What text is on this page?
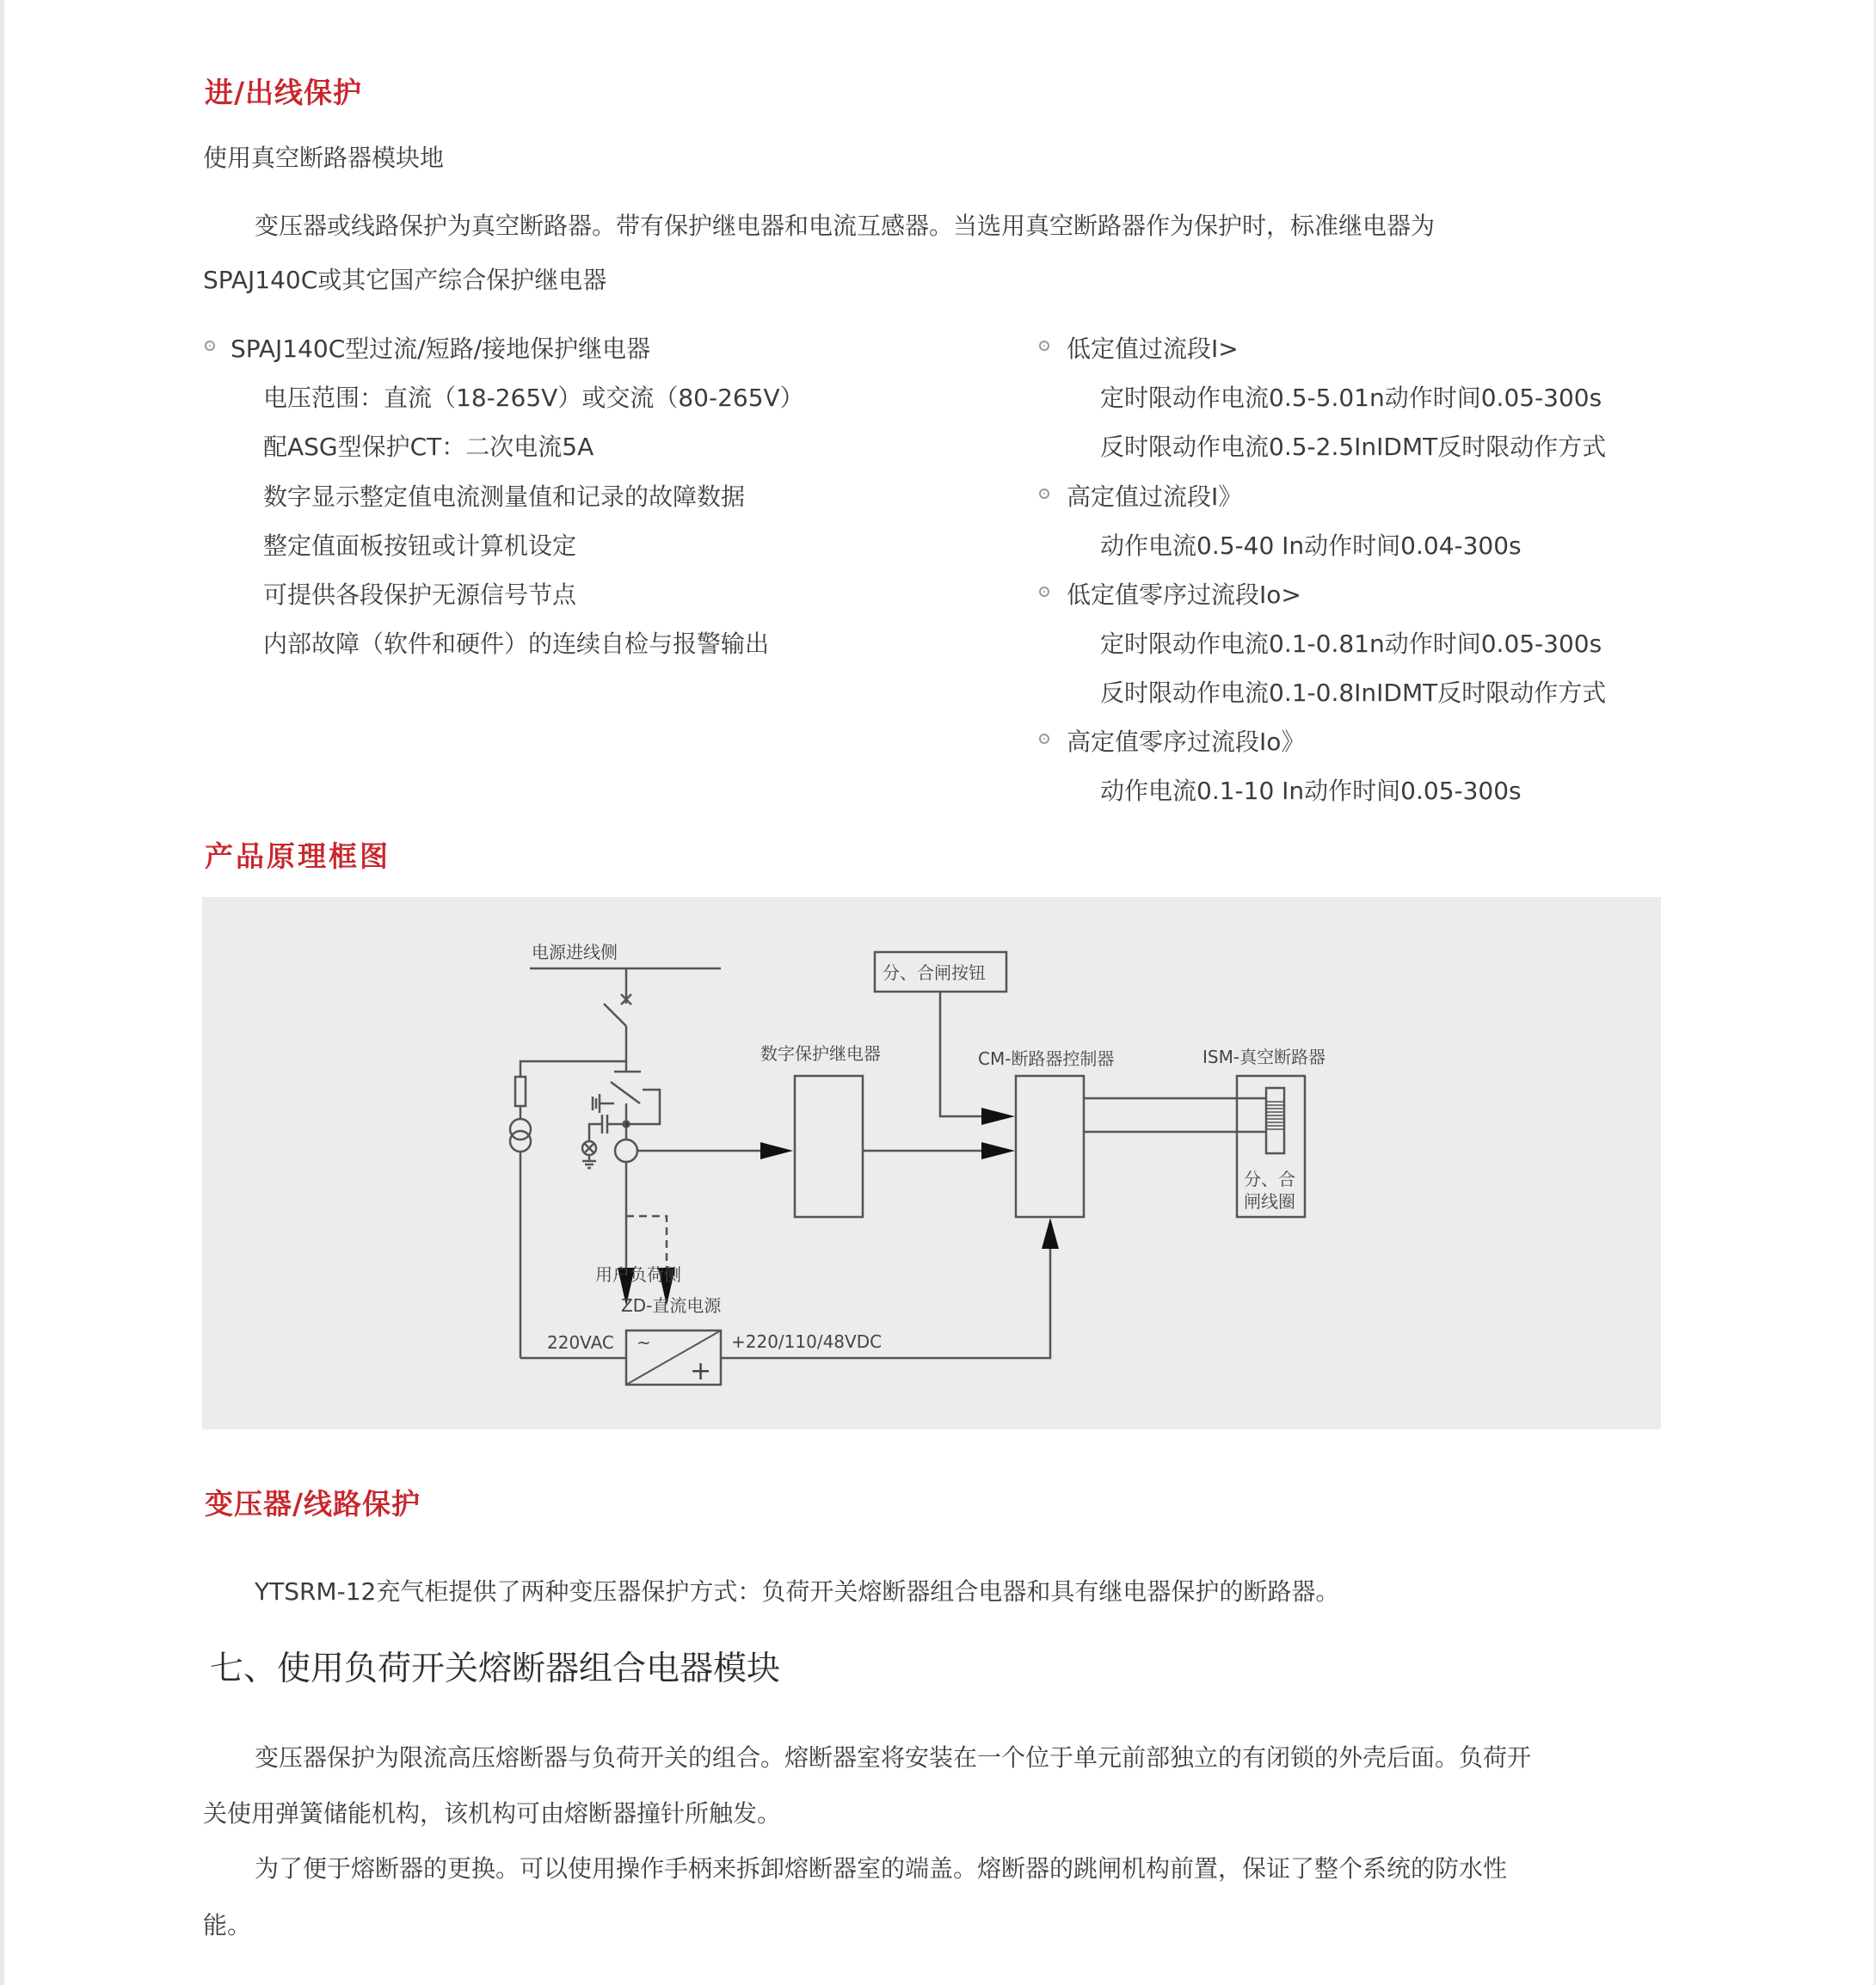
进/出线保护
使用真空断路器模块地
变压器或线路保护为真空断路器。带有保护继电器和电流互感器。当选用真空断路器作为保护时，标准继电器为
SPAJ140C或其它国产综合保护继电器
SPAJ140C型过流/短路/接地保护继电器
电压范围：直流（18-265V）或交流（80-265V）
配ASG型保护CT：二次电流5A
数字显示整定值电流测量值和记录的故障数据
整定值面板按钮或计算机设定
可提供各段保护无源信号节点
内部故障（软件和硬件）的连续自检与报警输出
低定值过流段I>
定时限动作电流0.5-5.01n动作时间0.05-300s
反时限动作电流0.5-2.5InIDMT反时限动作方式
高定值过流段I》
动作电流0.5-40 In动作时间0.04-300s
低定值零序过流段Io>
定时限动作电流0.1-0.81n动作时间0.05-300s
反时限动作电流0.1-0.8InIDMT反时限动作方式
高定值零序过流段Io》
动作电流0.1-10 In动作时间0.05-300s
产品原理框图
电源进线侧
分、合闸按钮
数字保护继电器	CM-断路器控制器	ISM-真空断路器
分、合
闸线圈
用户负荷侧
ZD-直流电源
220VAC	+220/110/48VDC
~
+
变压器/线路保护
YTSRM-12充气柜提供了两种变压器保护方式：负荷开关熔断器组合电器和具有继电器保护的断路器。
七、使用负荷开关熔断器组合电器模块
变压器保护为限流高压熔断器与负荷开关的组合。熔断器室将安装在一个位于单元前部独立的有闭锁的外壳后面。负荷开
关使用弹簧储能机构，该机构可由熔断器撞针所触发。
为了便于熔断器的更换。可以使用操作手柄来拆卸熔断器室的端盖。熔断器的跳闸机构前置，保证了整个系统的防水性
能。
